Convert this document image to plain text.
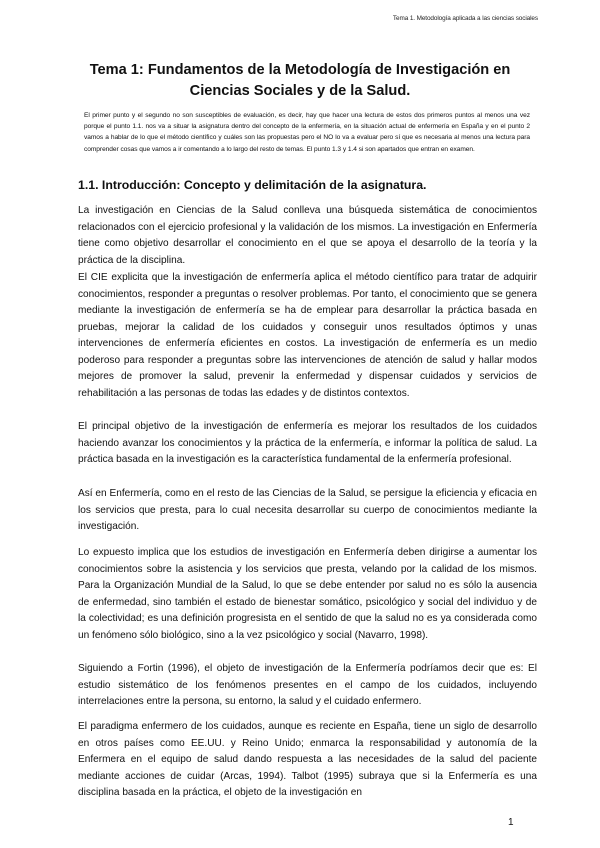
Tema 1. Metodología aplicada a las ciencias sociales
Tema 1: Fundamentos de la Metodología de Investigación en
Ciencias Sociales y de la Salud.

El primer punto y el segundo no son susceptibles de evaluación, es decir, hay que hacer una lectura de estos dos primeros puntos al menos una vez porque el punto 1.1. nos va a situar la asignatura dentro del concepto de la enfermería, en la situación actual de enfermería en España y en el punto 2 vamos a hablar de lo que el método científico y cuáles son las propuestas pero el NO lo va a evaluar pero sí que es necesaria al menos una lectura para comprender cosas que vamos a ir comentando a lo largo del resto de temas. El punto 1.3 y 1.4 si son apartados que entran en examen.

1.1. Introducción: Concepto y delimitación de la asignatura.

La investigación en Ciencias de la Salud conlleva una búsqueda sistemática de conocimientos relacionados con el ejercicio profesional y la validación de los mismos. La investigación en Enfermería tiene como objetivo desarrollar el conocimiento en el que se apoya el desarrollo de la teoría y la práctica de la disciplina.

El CIE explicita que la investigación de enfermería aplica el método científico para tratar de adquirir conocimientos, responder a preguntas o resolver problemas. Por tanto, el conocimiento que se genera mediante la investigación de enfermería se ha de emplear para desarrollar la práctica basada en pruebas, mejorar la calidad de los cuidados y conseguir unos resultados óptimos y unas intervenciones de enfermería eficientes en costos. La investigación de enfermería es un medio poderoso para responder a preguntas sobre las intervenciones de atención de salud y hallar modos mejores de promover la salud, prevenir la enfermedad y dispensar cuidados y servicios de rehabilitación a las personas de todas las edades y de distintos contextos.

El principal objetivo de la investigación de enfermería es mejorar los resultados de los cuidados haciendo avanzar los conocimientos y la práctica de la enfermería, e informar la política de salud. La práctica basada en la investigación es la característica fundamental de la enfermería profesional.

Así en Enfermería, como en el resto de las Ciencias de la Salud, se persigue la eficiencia y eficacia en los servicios que presta, para lo cual necesita desarrollar su cuerpo de conocimientos mediante la investigación.

Lo expuesto implica que los estudios de investigación en Enfermería deben dirigirse a aumentar los conocimientos sobre la asistencia y los servicios que presta, velando por la calidad de los mismos. Para la Organización Mundial de la Salud, lo que se debe entender por salud no es sólo la ausencia de enfermedad, sino también el estado de bienestar somático, psicológico y social del individuo y de la colectividad; es una definición progresista en el sentido de que la salud no es ya considerada como un fenómeno sólo biológico, sino a la vez psicológico y social (Navarro, 1998).

Siguiendo a Fortin (1996), el objeto de investigación de la Enfermería podríamos decir que es: El estudio sistemático de los fenómenos presentes en el campo de los cuidados, incluyendo interrelaciones entre la persona, su entorno, la salud y el cuidado enfermero.

El paradigma enfermero de los cuidados, aunque es reciente en España, tiene un siglo de desarrollo en otros países como EE.UU. y Reino Unido; enmarca la responsabilidad y autonomía de la Enfermera en el equipo de salud dando respuesta a las necesidades de la salud del paciente mediante acciones de cuidar (Arcas, 1994). Talbot (1995) subraya que si la Enfermería es una disciplina basada en la práctica, el objeto de la investigación en

1
